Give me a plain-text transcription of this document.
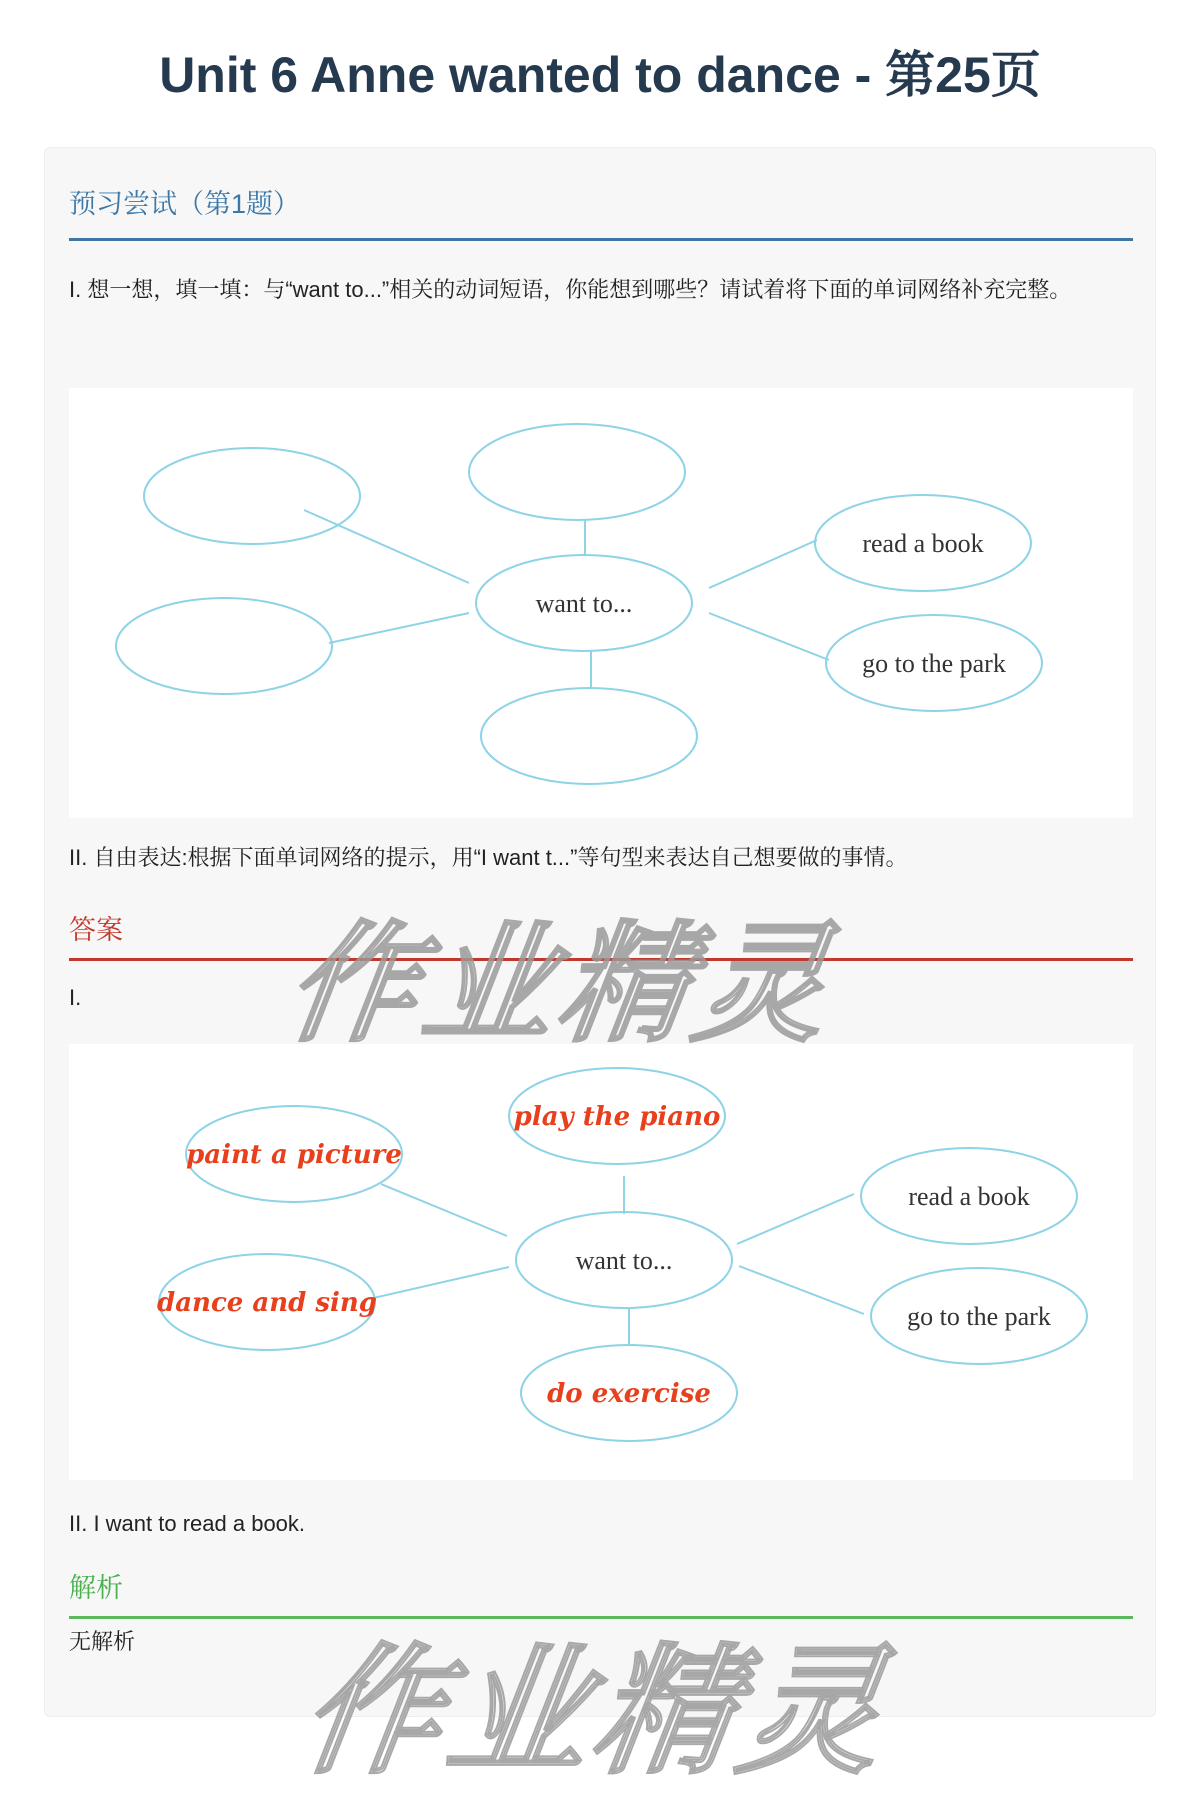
Unit 6 Anne wanted to dance - 第25页
预习尝试（第1题）
I. 想一想，填一填：与“want to...”相关的动词短语，你能想到哪些？请试着将下面的单词网络补充完整。
want to...
read a book
go to the park
II. 自由表达:根据下面单词网络的提示，用“I want t...”等句型来表达自己想要做的事情。
答案
I.
want to...
read a book
go to the park
paint a picture
play the piano
dance and sing
do exercise
II. I want to read a book.
解析
无解析
